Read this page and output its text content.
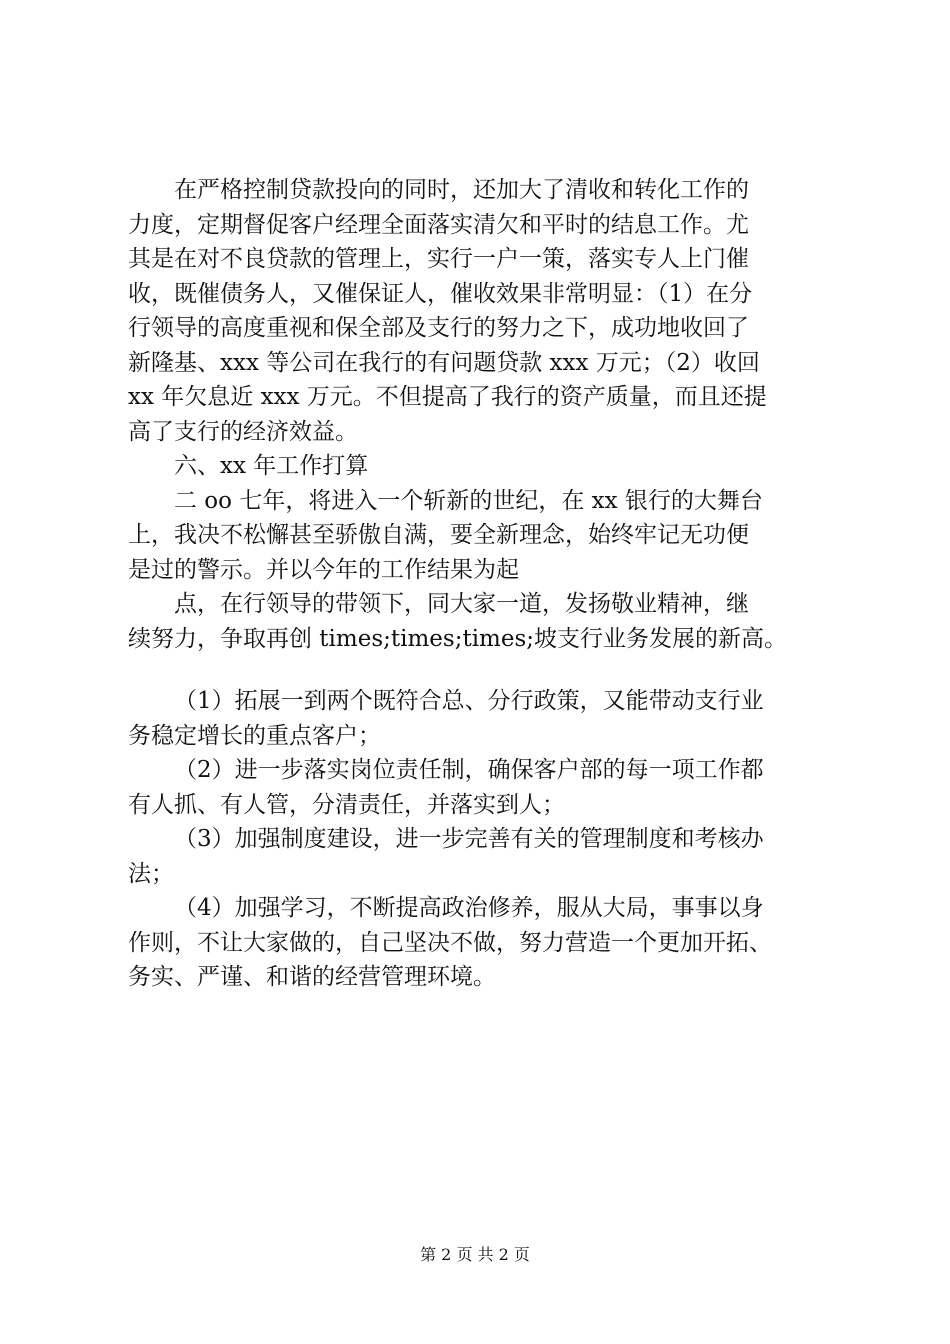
在严格控制贷款投向的同时，还加大了清收和转化工作的
力度，定期督促客户经理全面落实清欠和平时的结息工作。尤
其是在对不良贷款的管理上，实行一户一策，落实专人上门催
收，既催债务人，又催保证人，催收效果非常明显：（1）在分
行领导的高度重视和保全部及支行的努力之下，成功地收回了
新隆基、xxx 等公司在我行的有问题贷款 xxx 万元；（2）收回
xx 年欠息近 xxx 万元。不但提高了我行的资产质量，而且还提
高了支行的经济效益。
六、xx 年工作打算
二 oo 七年，将进入一个斩新的世纪，在 xx 银行的大舞台
上，我决不松懈甚至骄傲自满，要全新理念，始终牢记无功便
是过的警示。并以今年的工作结果为起
点，在行领导的带领下，同大家一道，发扬敬业精神，继
续努力，争取再创 times;times;times;坡支行业务发展的新高。
（1）拓展一到两个既符合总、分行政策，又能带动支行业
务稳定增长的重点客户；
（2）进一步落实岗位责任制，确保客户部的每一项工作都
有人抓、有人管，分清责任，并落实到人；
（3）加强制度建设，进一步完善有关的管理制度和考核办
法；
（4）加强学习，不断提高政治修养，服从大局，事事以身
作则，不让大家做的，自己坚决不做，努力营造一个更加开拓、
务实、严谨、和谐的经营管理环境。
第 2 页 共 2 页
